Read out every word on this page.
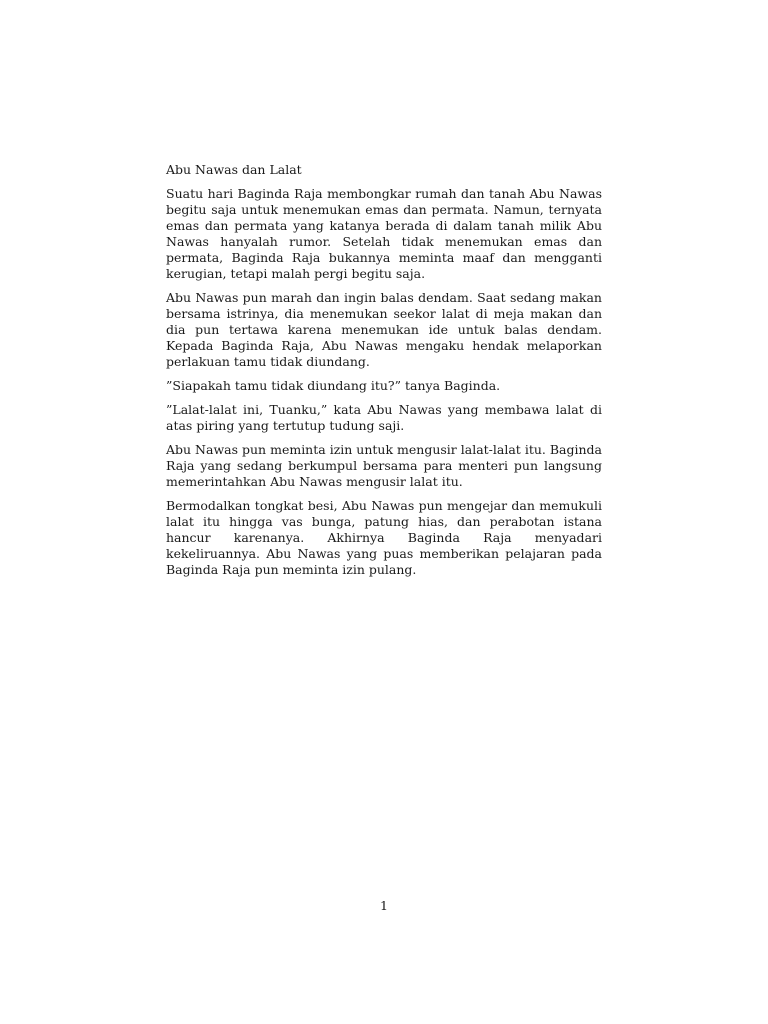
Abu Nawas dan Lalat

Suatu hari Baginda Raja membongkar rumah dan tanah Abu Nawas begitu saja untuk menemukan emas dan permata. Namun, ternyata emas dan permata yang katanya berada di dalam tanah milik Abu Nawas hanyalah rumor. Setelah tidak menemukan emas dan permata, Baginda Raja bukannya meminta maaf dan mengganti kerugian, tetapi malah pergi begitu saja.

Abu Nawas pun marah dan ingin balas dendam. Saat sedang makan bersama istrinya, dia menemukan seekor lalat di meja makan dan dia pun tertawa karena menemukan ide untuk balas dendam. Kepada Baginda Raja, Abu Nawas mengaku hendak melaporkan perlakuan tamu tidak diundang.

”Siapakah tamu tidak diundang itu?” tanya Baginda.

”Lalat-lalat ini, Tuanku,” kata Abu Nawas yang membawa lalat di atas piring yang tertutup tudung saji.

Abu Nawas pun meminta izin untuk mengusir lalat-lalat itu. Baginda Raja yang sedang berkumpul bersama para menteri pun langsung memerintahkan Abu Nawas mengusir lalat itu.

Bermodalkan tongkat besi, Abu Nawas pun mengejar dan memukuli lalat itu hingga vas bunga, patung hias, dan perabotan istana hancur karenanya. Akhirnya Baginda Raja menyadari kekeliruannya. Abu Nawas yang puas memberikan pelajaran pada Baginda Raja pun meminta izin pulang.

1
